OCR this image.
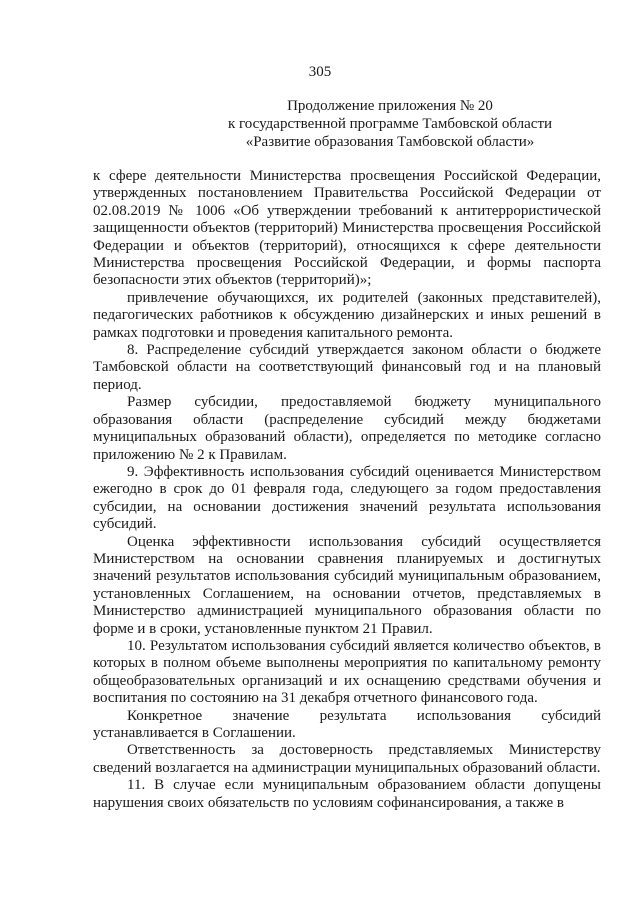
305
Продолжение приложения № 20
к государственной программе Тамбовской области
«Развитие образования Тамбовской области»

к сфере деятельности Министерства просвещения Российской Федерации, утвержденных постановлением Правительства Российской Федерации от 02.08.2019 № 1006 «Об утверждении требований к антитеррористической защищенности объектов (территорий) Министерства просвещения Российской Федерации и объектов (территорий), относящихся к сфере деятельности Министерства просвещения Российской Федерации, и формы паспорта безопасности этих объектов (территорий)»;

привлечение обучающихся, их родителей (законных представителей), педагогических работников к обсуждению дизайнерских и иных решений в рамках подготовки и проведения капитального ремонта.

8. Распределение субсидий утверждается законом области о бюджете Тамбовской области на соответствующий финансовый год и на плановый период.

Размер субсидии, предоставляемой бюджету муниципального образования области (распределение субсидий между бюджетами муниципальных образований области), определяется по методике согласно приложению № 2 к Правилам.

9. Эффективность использования субсидий оценивается Министерством ежегодно в срок до 01 февраля года, следующего за годом предоставления субсидии, на основании достижения значений результата использования субсидий.

Оценка эффективности использования субсидий осуществляется Министерством на основании сравнения планируемых и достигнутых значений результатов использования субсидий муниципальным образованием, установленных Соглашением, на основании отчетов, представляемых в Министерство администрацией муниципального образования области по форме и в сроки, установленные пунктом 21 Правил.

10. Результатом использования субсидий является количество объектов, в которых в полном объеме выполнены мероприятия по капитальному ремонту общеобразовательных организаций и их оснащению средствами обучения и воспитания по состоянию на 31 декабря отчетного финансового года.

Конкретное значение результата использования субсидий устанавливается в Соглашении.

Ответственность за достоверность представляемых Министерству сведений возлагается на администрации муниципальных образований области.

11. В случае если муниципальным образованием области допущены нарушения своих обязательств по условиям софинансирования, а также в
